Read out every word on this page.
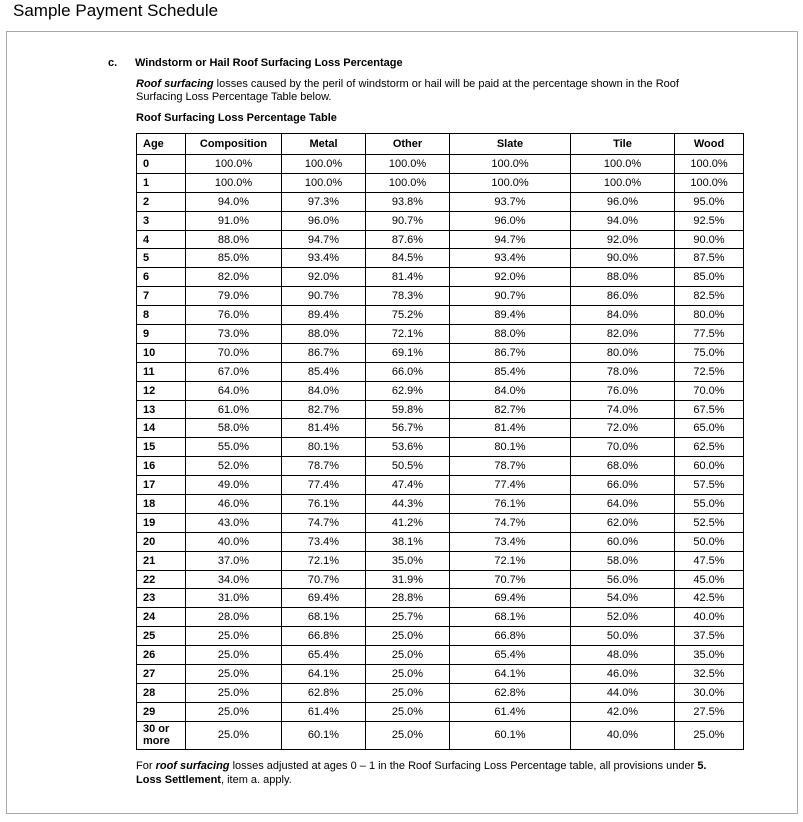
Sample Payment Schedule
c. Windstorm or Hail Roof Surfacing Loss Percentage
Roof surfacing losses caused by the peril of windstorm or hail will be paid at the percentage shown in the Roof Surfacing Loss Percentage Table below.
Roof Surfacing Loss Percentage Table
Age	Composition	Metal	Other	Slate	Tile	Wood
0	100.0%	100.0%	100.0%	100.0%	100.0%	100.0%
1	100.0%	100.0%	100.0%	100.0%	100.0%	100.0%
2	94.0%	97.3%	93.8%	93.7%	96.0%	95.0%
3	91.0%	96.0%	90.7%	96.0%	94.0%	92.5%
4	88.0%	94.7%	87.6%	94.7%	92.0%	90.0%
5	85.0%	93.4%	84.5%	93.4%	90.0%	87.5%
6	82.0%	92.0%	81.4%	92.0%	88.0%	85.0%
7	79.0%	90.7%	78.3%	90.7%	86.0%	82.5%
8	76.0%	89.4%	75.2%	89.4%	84.0%	80.0%
9	73.0%	88.0%	72.1%	88.0%	82.0%	77.5%
10	70.0%	86.7%	69.1%	86.7%	80.0%	75.0%
11	67.0%	85.4%	66.0%	85.4%	78.0%	72.5%
12	64.0%	84.0%	62.9%	84.0%	76.0%	70.0%
13	61.0%	82.7%	59.8%	82.7%	74.0%	67.5%
14	58.0%	81.4%	56.7%	81.4%	72.0%	65.0%
15	55.0%	80.1%	53.6%	80.1%	70.0%	62.5%
16	52.0%	78.7%	50.5%	78.7%	68.0%	60.0%
17	49.0%	77.4%	47.4%	77.4%	66.0%	57.5%
18	46.0%	76.1%	44.3%	76.1%	64.0%	55.0%
19	43.0%	74.7%	41.2%	74.7%	62.0%	52.5%
20	40.0%	73.4%	38.1%	73.4%	60.0%	50.0%
21	37.0%	72.1%	35.0%	72.1%	58.0%	47.5%
22	34.0%	70.7%	31.9%	70.7%	56.0%	45.0%
23	31.0%	69.4%	28.8%	69.4%	54.0%	42.5%
24	28.0%	68.1%	25.7%	68.1%	52.0%	40.0%
25	25.0%	66.8%	25.0%	66.8%	50.0%	37.5%
26	25.0%	65.4%	25.0%	65.4%	48.0%	35.0%
27	25.0%	64.1%	25.0%	64.1%	46.0%	32.5%
28	25.0%	62.8%	25.0%	62.8%	44.0%	30.0%
29	25.0%	61.4%	25.0%	61.4%	42.0%	27.5%
30 or more	25.0%	60.1%	25.0%	60.1%	40.0%	25.0%
For roof surfacing losses adjusted at ages 0 – 1 in the Roof Surfacing Loss Percentage table, all provisions under 5. Loss Settlement, item a. apply.
